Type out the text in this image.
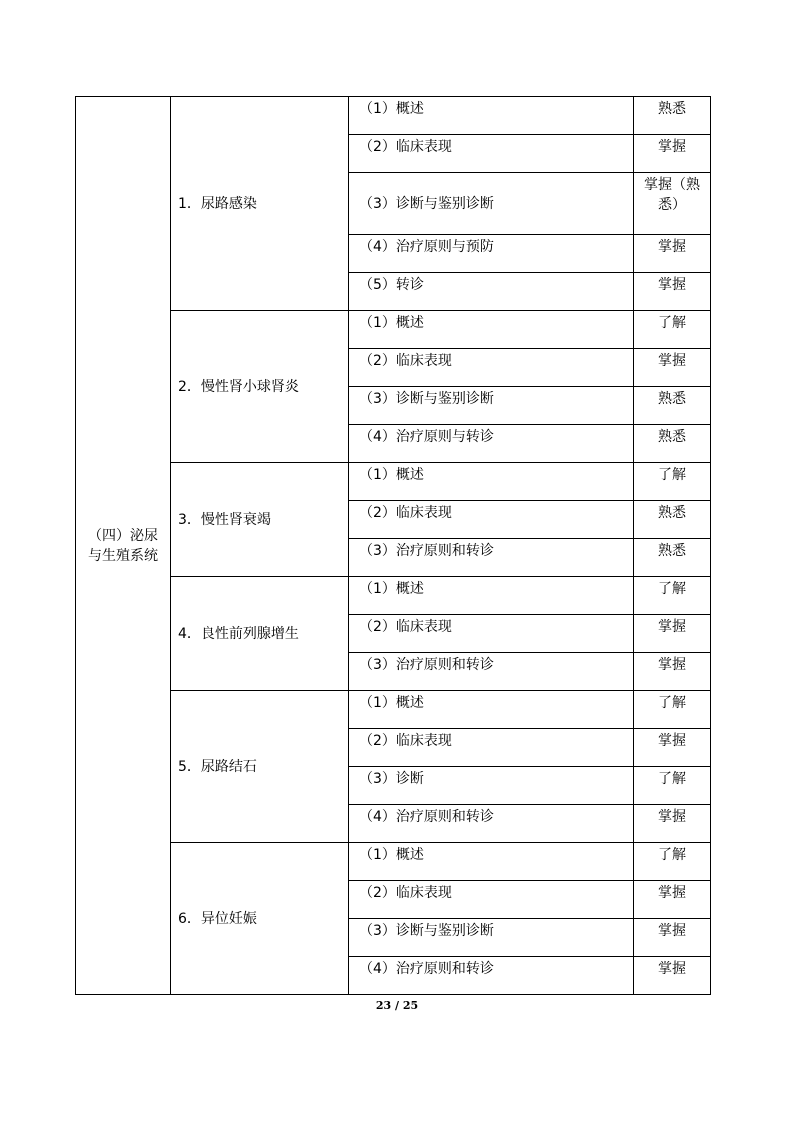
（四）泌尿与生殖系统	1．尿路感染	（1）概述	熟悉
		（2）临床表现	掌握
		（3）诊断与鉴别诊断	掌握（熟悉）
		（4）治疗原则与预防	掌握
		（5）转诊	掌握
	2．慢性肾小球肾炎	（1）概述	了解
		（2）临床表现	掌握
		（3）诊断与鉴别诊断	熟悉
		（4）治疗原则与转诊	熟悉
	3．慢性肾衰竭	（1）概述	了解
		（2）临床表现	熟悉
		（3）治疗原则和转诊	熟悉
	4．良性前列腺增生	（1）概述	了解
		（2）临床表现	掌握
		（3）治疗原则和转诊	掌握
	5．尿路结石	（1）概述	了解
		（2）临床表现	掌握
		（3）诊断	了解
		（4）治疗原则和转诊	掌握
	6．异位妊娠	（1）概述	了解
		（2）临床表现	掌握
		（3）诊断与鉴别诊断	掌握
		（4）治疗原则和转诊	掌握
23 / 25
